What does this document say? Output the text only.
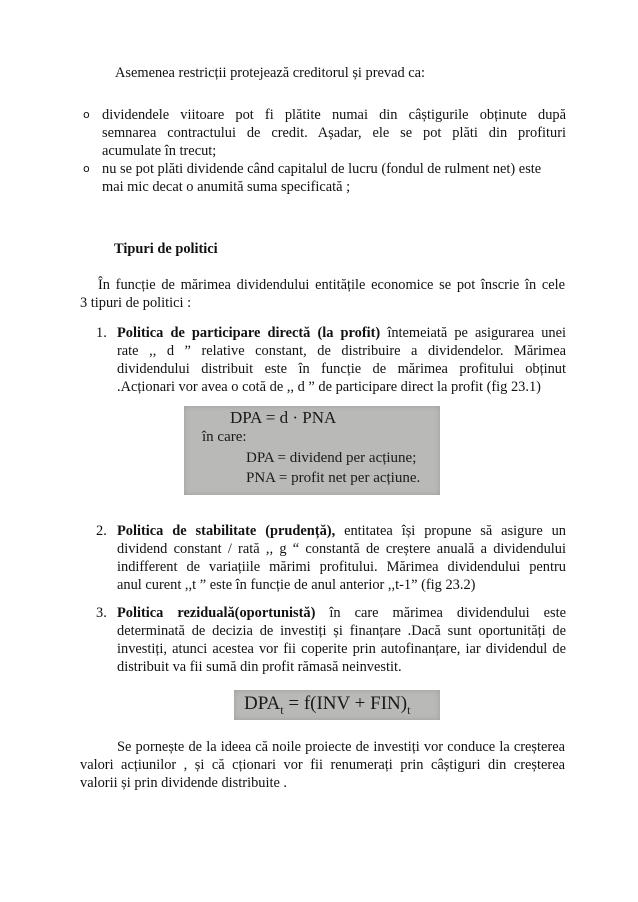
Asemenea restricții protejează creditorul și prevad ca:
o dividendele viitoare pot fi plătite numai din câștigurile obținute după
semnarea contractului de credit. Așadar, ele se pot plăti din profituri
acumulate în trecut;
o nu se pot plăti dividende când capitalul de lucru (fondul de rulment net) este
mai mic decat o anumită suma specificată ;
Tipuri de politici
În funcție de mărimea dividendului entitățile economice se pot înscrie în cele
3 tipuri de politici :
1. Politica de participare directă (la profit) întemeiată pe asigurarea unei
rate ,, d ” relative constant, de distribuire a dividendelor. Mărimea
dividendului distribuit este în funcție de mărimea profitului obținut
.Acționari vor avea o cotă de ,, d ” de participare direct la profit (fig 23.1)
DPA = d · PNA
în care:
DPA = dividend per acțiune;
PNA = profit net per acțiune.
2. Politica de stabilitate (prudență), entitatea își propune să asigure un
dividend constant / rată ,, g “ constantă de creștere anuală a dividendului
indifferent de variațiile mărimi profitului. Mărimea dividendului pentru
anul curent ,,t ” este în funcție de anul anterior ,,t-1” (fig 23.2)
3. Politica reziduală(oportunistă) în care mărimea dividendului este
determinată de decizia de investiți și finanțare .Dacă sunt oportunități de
investiți, atunci acestea vor fii coperite prin autofinanțare, iar dividendul de
distribuit va fii sumă din profit rămasă neinvestit.
$DPA_t = f(INV + FIN)_t$
Se pornește de la ideea că noile proiecte de investiți vor conduce la creșterea
valori acțiunilor , și că cționari vor fii renumerați prin câștiguri din creșterea
valorii și prin dividende distribuite .
